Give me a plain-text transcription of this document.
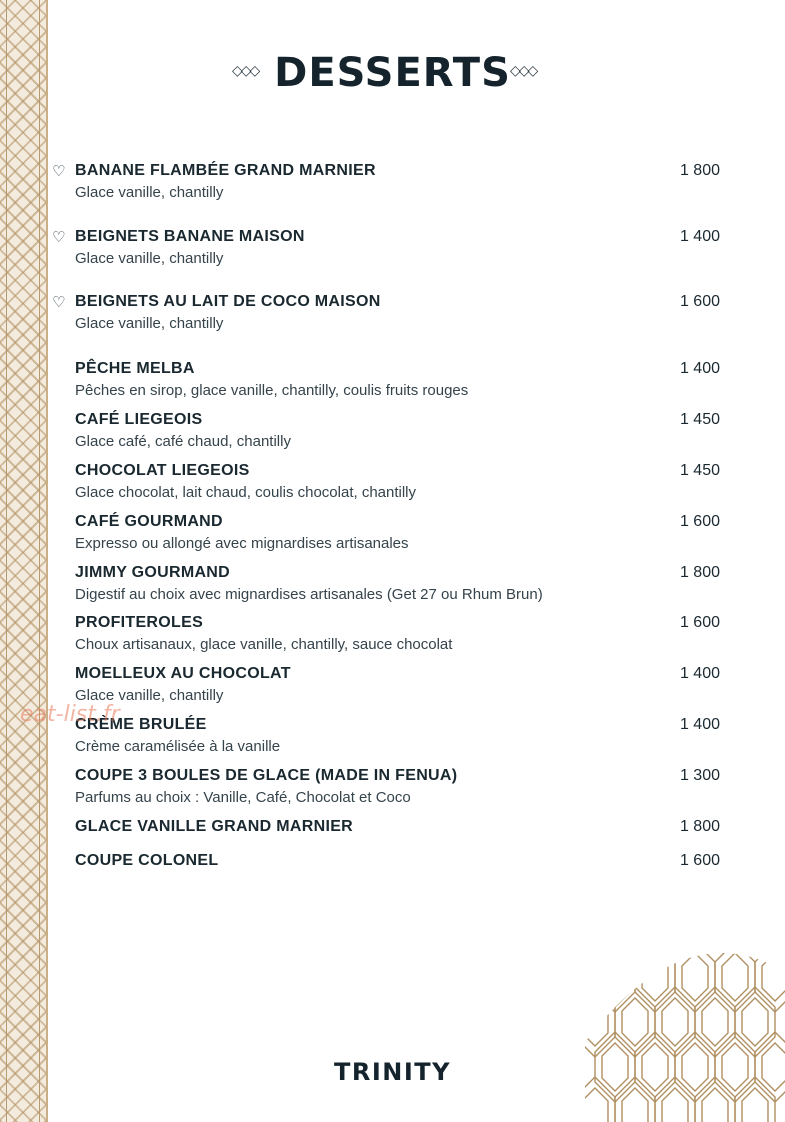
◇◇◇ DESSERTS ◇◇◇
♡ BANANE FLAMBÉE GRAND MARNIER
Glace vanille, chantilly
1 800
♡ BEIGNETS BANANE MAISON
Glace vanille, chantilly
1 400
♡ BEIGNETS AU LAIT DE COCO MAISON
Glace vanille, chantilly
1 600
PÊCHE MELBA
Pêches en sirop, glace vanille, chantilly, coulis fruits rouges
1 400
CAFÉ LIEGEOIS
Glace café, café chaud, chantilly
1 450
CHOCOLAT LIEGEOIS
Glace chocolat, lait chaud, coulis chocolat, chantilly
1 450
CAFÉ GOURMAND
Expresso ou allongé avec mignardises artisanales
1 600
JIMMY GOURMAND
Digestif au choix avec mignardises artisanales (Get 27 ou Rhum Brun)
1 800
PROFITEROLES
Choux artisanaux, glace vanille, chantilly, sauce chocolat
1 600
MOELLEUX AU CHOCOLAT
Glace vanille, chantilly
1 400
CRÈME BRULÉE
Crème caramélisée à la vanille
1 400
COUPE 3 BOULES DE GLACE (MADE IN FENUA)
Parfums au choix : Vanille, Café, Chocolat et Coco
1 300
GLACE VANILLE GRAND MARNIER	1 800
COUPE COLONEL	1 600
eat-list.fr
TRINITY
